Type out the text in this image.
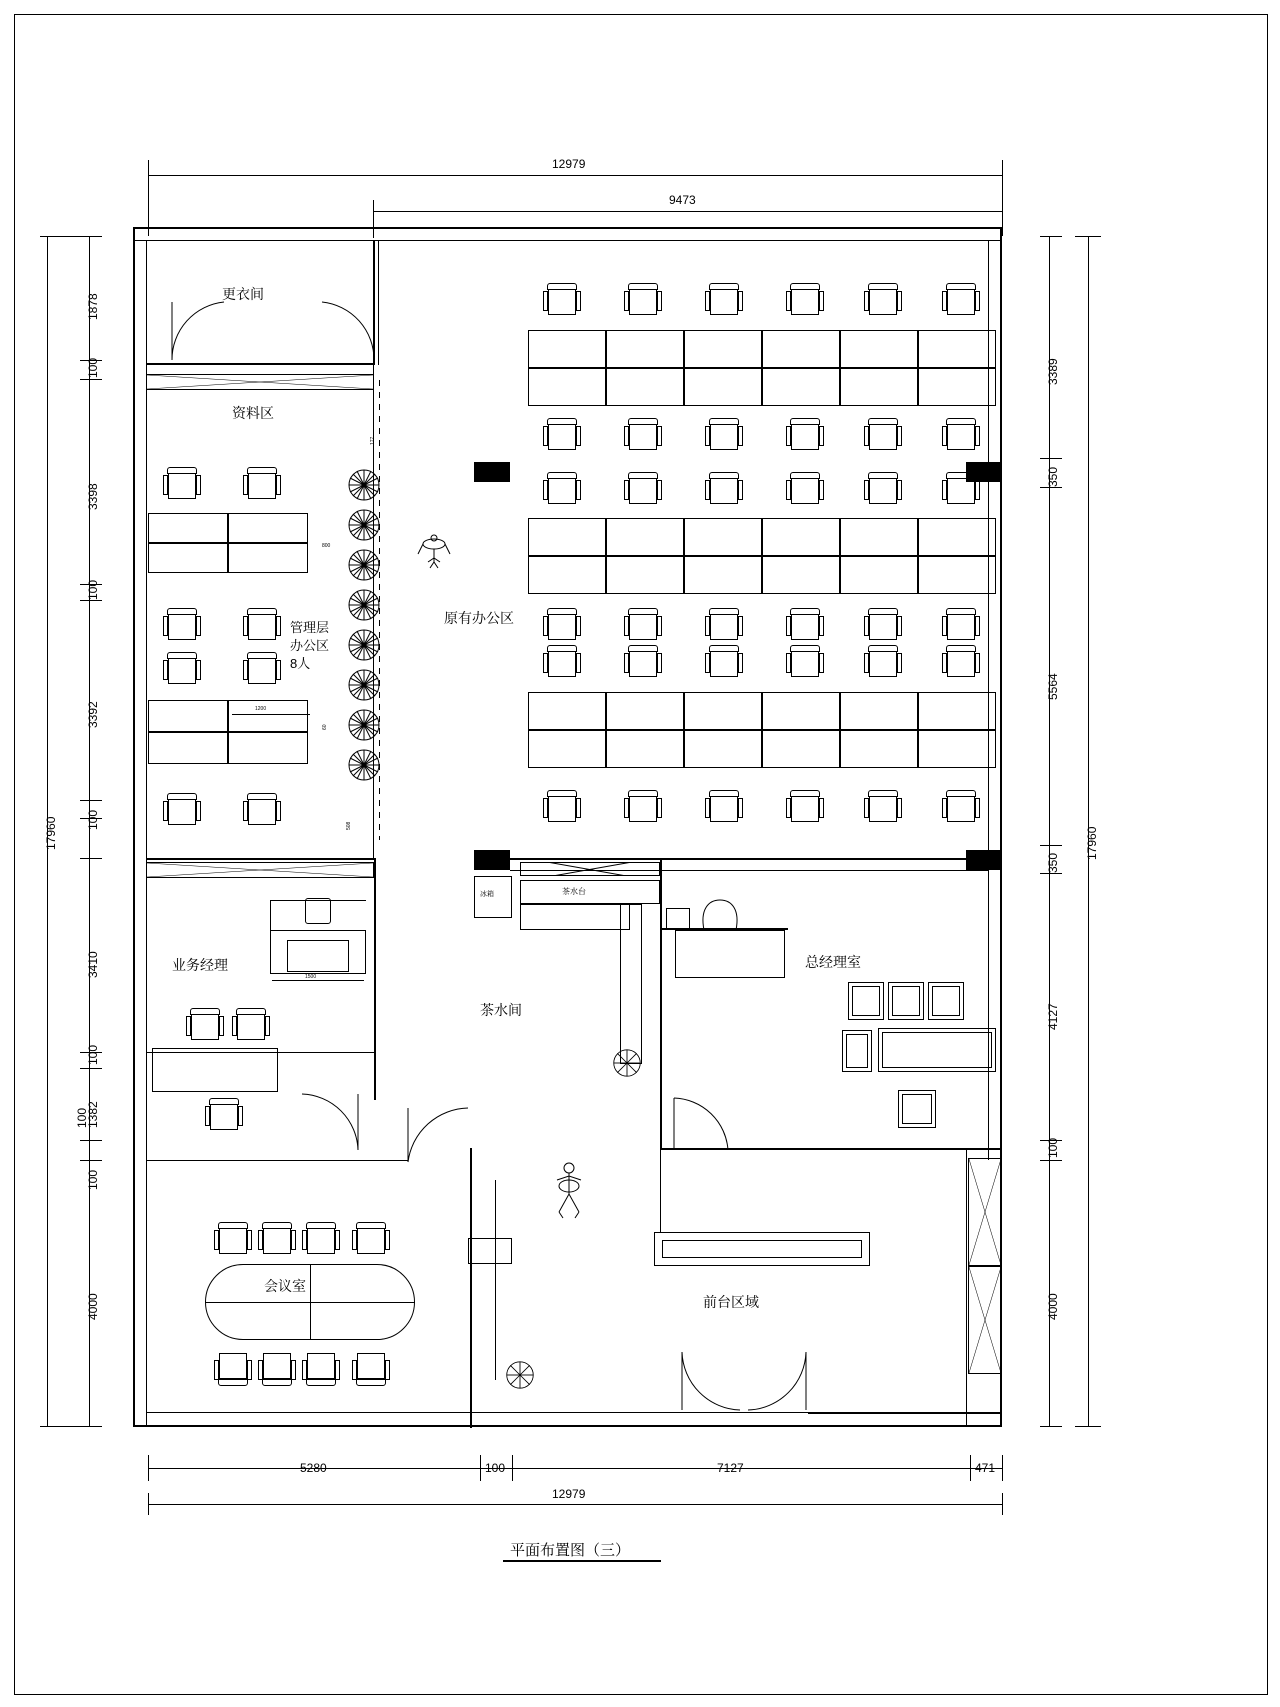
12979
9473
17960
1878
100
3398
100
3392
100
3410
100
1382
100
100
4000
3389
350
5564
350
4127
100
4000
17960
5280	100	7127	471
12979
平面布置图（三）
更衣间
资料区
800
1200
60
管理层
办公区
8人
177
508
原有办公区
业务经理
1500
茶水间
冰箱	茶水台
总经理室
会议室
前台区域
